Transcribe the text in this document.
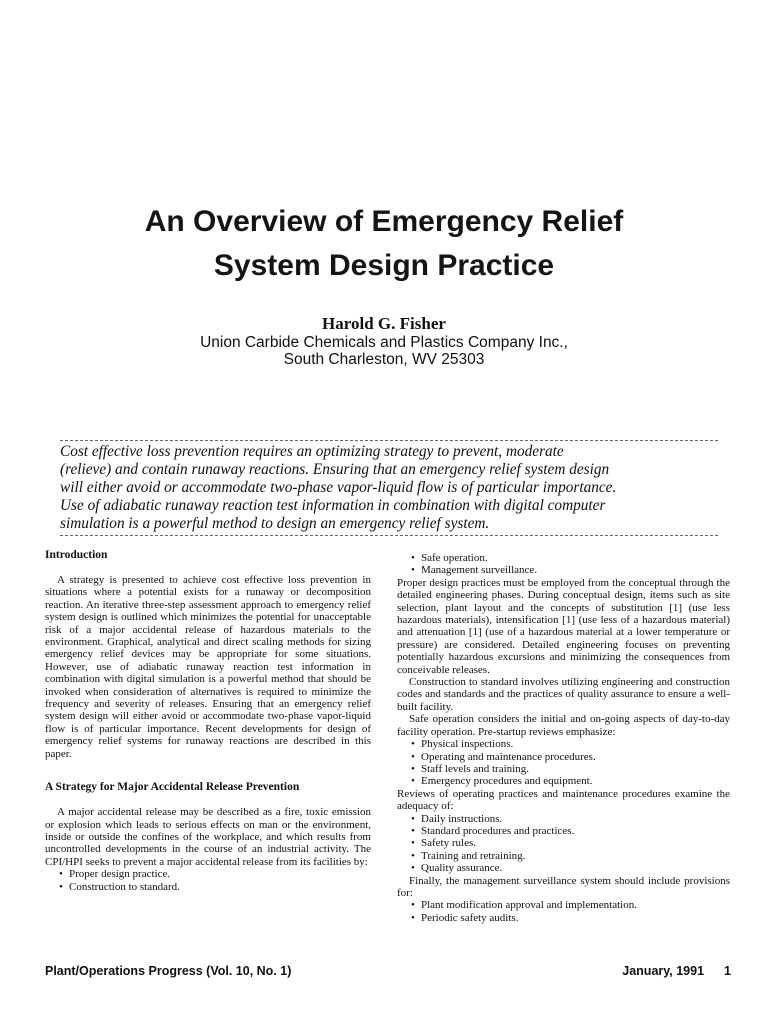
An Overview of Emergency Relief
System Design Practice
Harold G. Fisher
Union Carbide Chemicals and Plastics Company Inc.,
South Charleston, WV 25303
Cost effective loss prevention requires an optimizing strategy to prevent, moderate
(relieve) and contain runaway reactions. Ensuring that an emergency relief system design
will either avoid or accommodate two-phase vapor-liquid flow is of particular importance.
Use of adiabatic runaway reaction test information in combination with digital computer
simulation is a powerful method to design an emergency relief system.
Introduction

A strategy is presented to achieve cost effective loss prevention in situations where a potential exists for a runaway or decomposition reaction. An iterative three-step assessment approach to emergency relief system design is outlined which minimizes the potential for unacceptable risk of a major accidental release of hazardous materials to the environment. Graphical, analytical and direct scaling methods for sizing emergency relief devices may be appropriate for some situations. However, use of adiabatic runaway reaction test information in combination with digital simulation is a powerful method that should be invoked when consideration of alternatives is required to minimize the frequency and severity of releases. Ensuring that an emergency relief system design will either avoid or accommodate two-phase vapor-liquid flow is of particular importance. Recent developments for design of emergency relief systems for runaway reactions are described in this paper.

A Strategy for Major Accidental Release Prevention

A major accidental release may be described as a fire, toxic emission or explosion which leads to serious effects on man or the environment, inside or outside the confines of the workplace, and which results from uncontrolled developments in the course of an industrial activity. The CPI/HPI seeks to prevent a major accidental release from its facilities by:

• Proper design practice.
• Construction to standard.
• Safe operation.
• Management surveillance.

Proper design practices must be employed from the conceptual through the detailed engineering phases. During conceptual design, items such as site selection, plant layout and the concepts of substitution [1] (use less hazardous materials), intensification [1] (use less of a hazardous material) and attenuation [1] (use of a hazardous material at a lower temperature or pressure) are considered. Detailed engineering focuses on preventing potentially hazardous excursions and minimizing the consequences from conceivable releases.

Construction to standard involves utilizing engineering and construction codes and standards and the practices of quality assurance to ensure a well-built facility.

Safe operation considers the initial and on-going aspects of day-to-day facility operation. Pre-startup reviews emphasize:

• Physical inspections.
• Operating and maintenance procedures.
• Staff levels and training.
• Emergency procedures and equipment.

Reviews of operating practices and maintenance procedures examine the adequacy of:

• Daily instructions.
• Standard procedures and practices.
• Safety rules.
• Training and retraining.
• Quality assurance.

Finally, the management surveillance system should include provisions for:

• Plant modification approval and implementation.
• Periodic safety audits.
Plant/Operations Progress (Vol. 10, No. 1)	January, 1991 1
